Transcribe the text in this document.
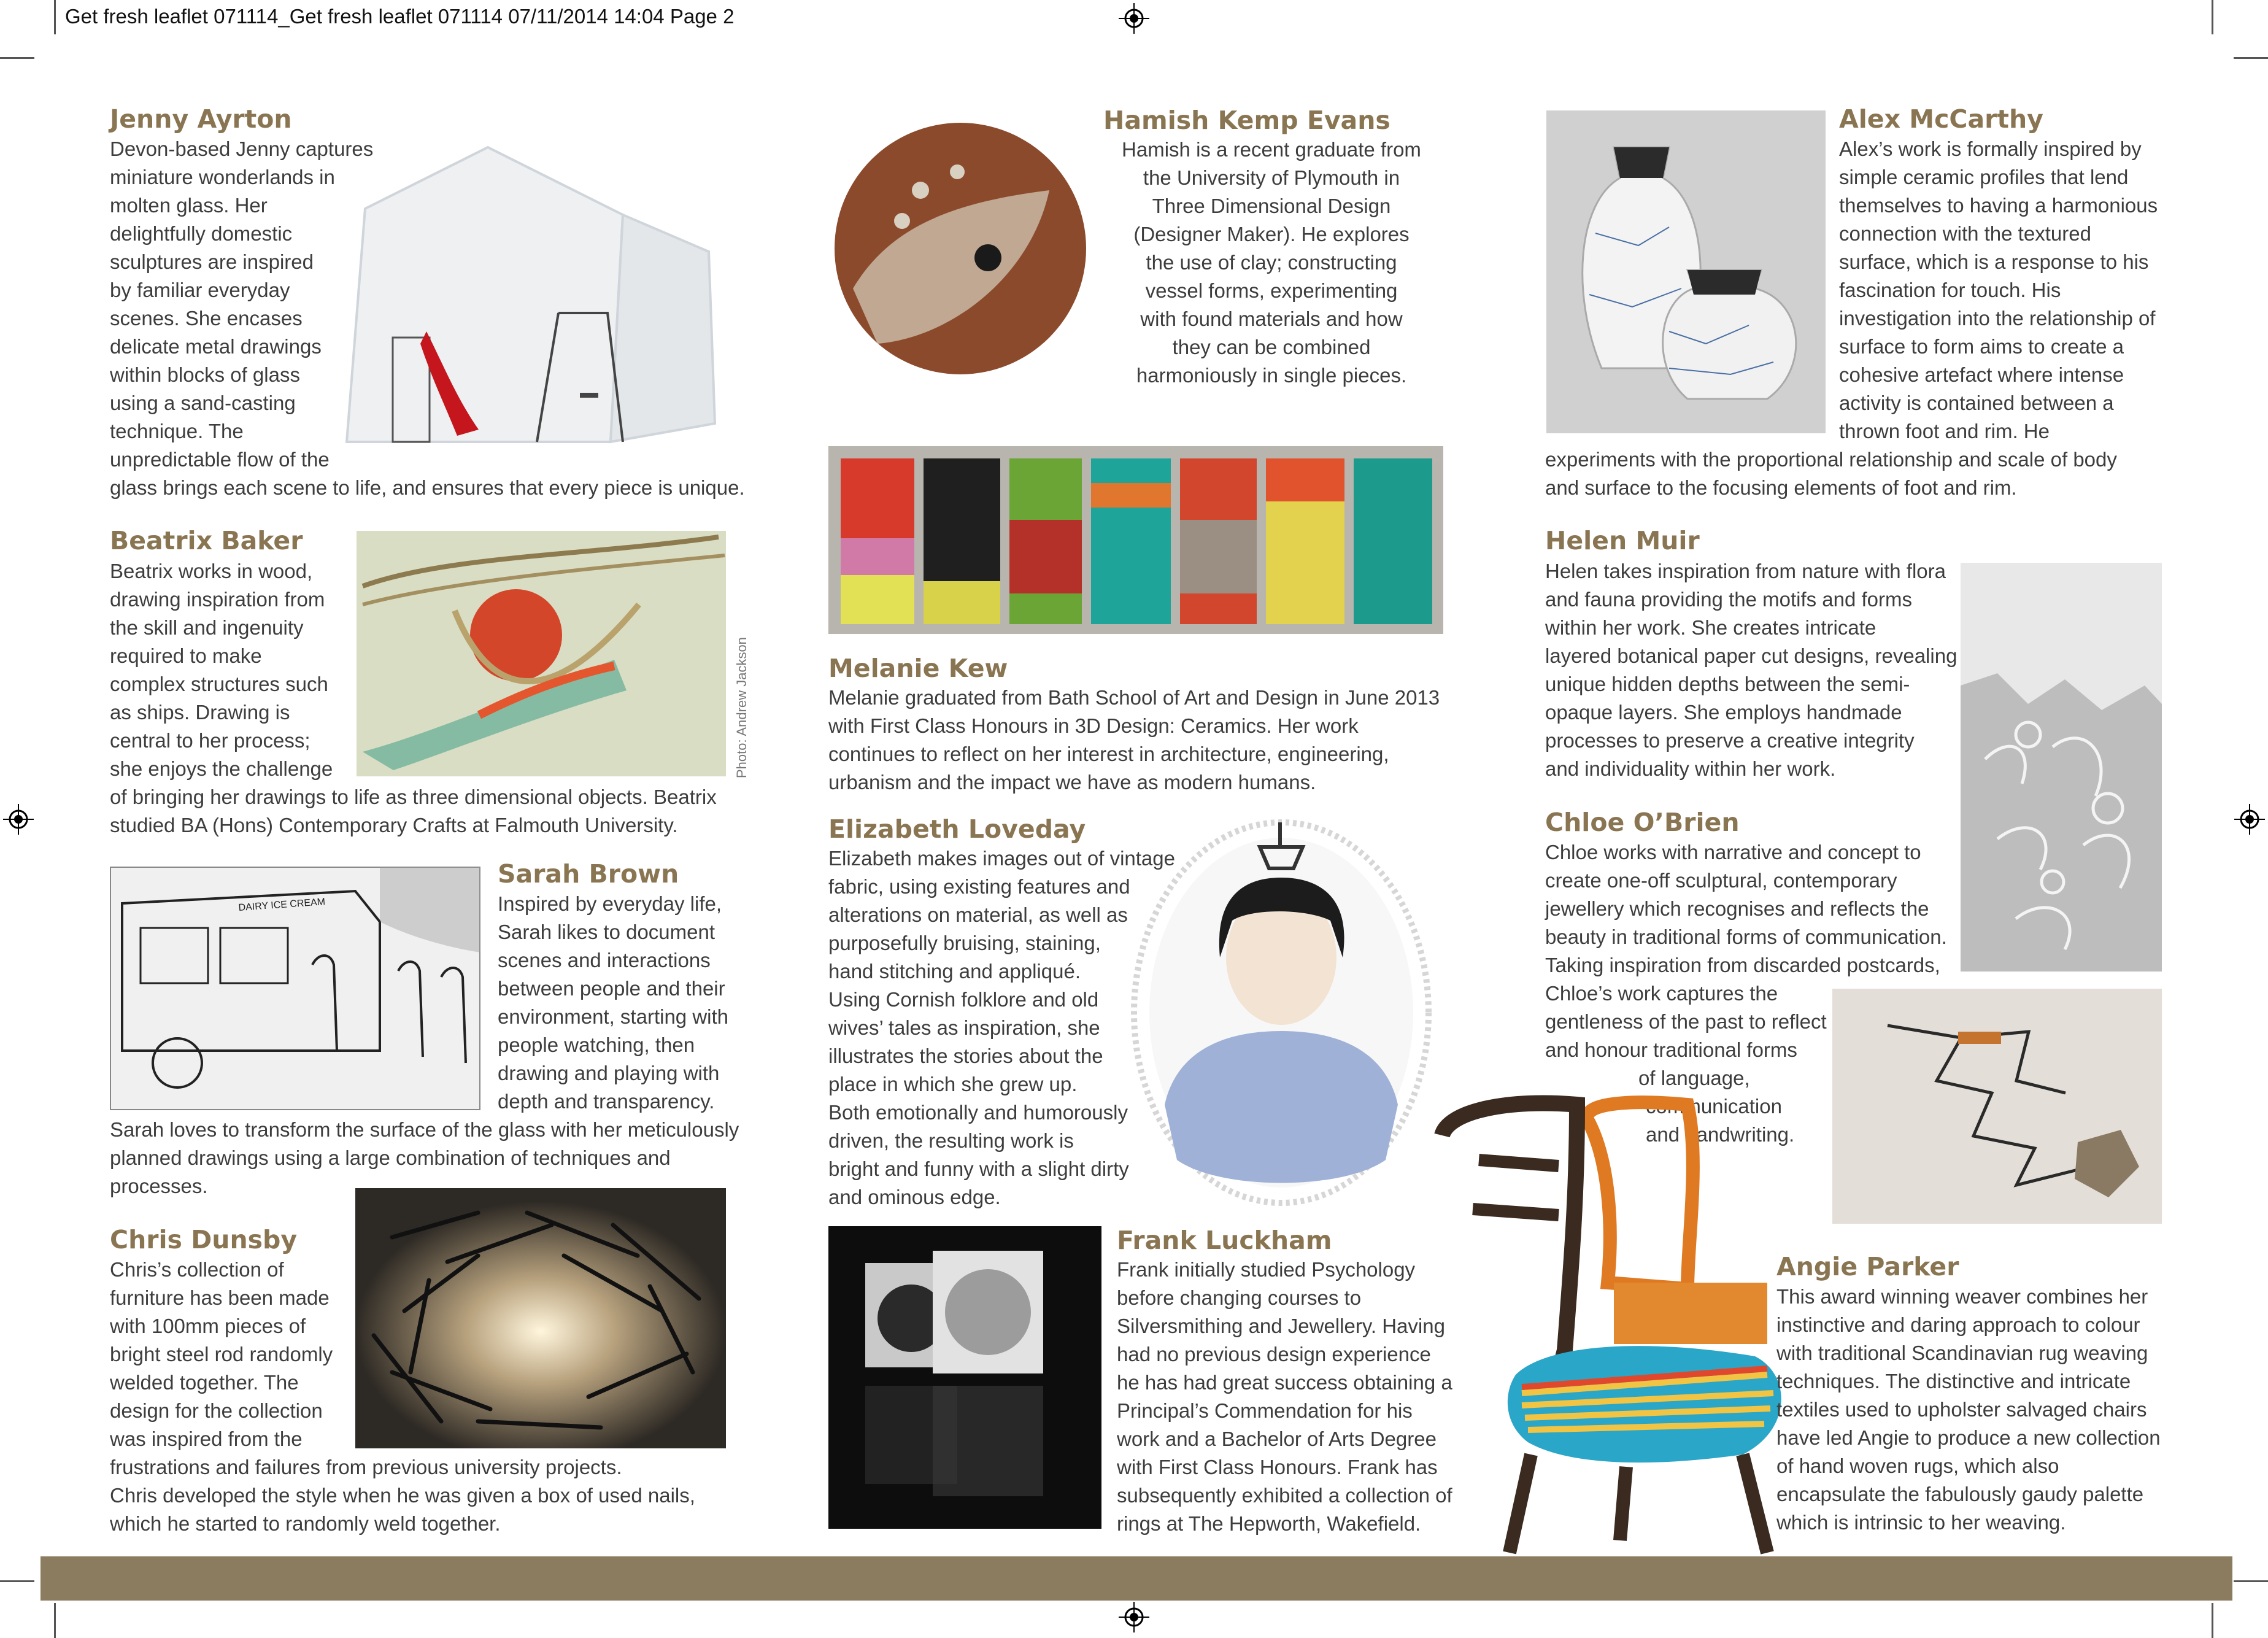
Get fresh leaflet 071114_Get fresh leaflet 071114 07/11/2014 14:04 Page 2
Jenny Ayrton
Devon-based Jenny captures
miniature wonderlands in
molten glass. Her
delightfully domestic
sculptures are inspired
by familiar everyday
scenes. She encases
delicate metal drawings
within blocks of glass
using a sand-casting
technique. The
unpredictable flow of the
glass brings each scene to life, and ensures that every piece is unique.
Beatrix Baker
Beatrix works in wood,
drawing inspiration from
the skill and ingenuity
required to make
complex structures such
as ships. Drawing is
central to her process;
she enjoys the challenge
of bringing her drawings to life as three dimensional objects. Beatrix
studied BA (Hons) Contemporary Crafts at Falmouth University.
Photo: Andrew Jackson
DAIRY ICE CREAM
Sarah Brown
Inspired by everyday life,
Sarah likes to document
scenes and interactions
between people and their
environment, starting with
people watching, then
drawing and playing with
depth and transparency.
Sarah loves to transform the surface of the glass with her meticulously
planned drawings using a large combination of techniques and
processes.
Chris Dunsby
Chris’s collection of
furniture has been made
with 100mm pieces of
bright steel rod randomly
welded together. The
design for the collection
was inspired from the
frustrations and failures from previous university projects.
Chris developed the style when he was given a box of used nails,
which he started to randomly weld together.
Hamish Kemp Evans
Hamish is a recent graduate from
the University of Plymouth in
Three Dimensional Design
(Designer Maker). He explores
the use of clay; constructing
vessel forms, experimenting
with found materials and how
they can be combined
harmoniously in single pieces.
Melanie Kew
Melanie graduated from Bath School of Art and Design in June 2013
with First Class Honours in 3D Design: Ceramics. Her work
continues to reflect on her interest in architecture, engineering,
urbanism and the impact we have as modern humans.
Elizabeth Loveday
Elizabeth makes images out of vintage
fabric, using existing features and
alterations on material, as well as
purposefully bruising, staining,
hand stitching and appliqué.
Using Cornish folklore and old
wives’ tales as inspiration, she
illustrates the stories about the
place in which she grew up.
Both emotionally and humorously
driven, the resulting work is
bright and funny with a slight dirty
and ominous edge.
Frank Luckham
Frank initially studied Psychology
before changing courses to
Silversmithing and Jewellery. Having
had no previous design experience
he has had great success obtaining a
Principal’s Commendation for his
work and a Bachelor of Arts Degree
with First Class Honours. Frank has
subsequently exhibited a collection of
rings at The Hepworth, Wakefield.
Alex McCarthy
Alex’s work is formally inspired by
simple ceramic profiles that lend
themselves to having a harmonious
connection with the textured
surface, which is a response to his
fascination for touch. His
investigation into the relationship of
surface to form aims to create a
cohesive artefact where intense
activity is contained between a
thrown foot and rim. He
experiments with the proportional relationship and scale of body
and surface to the focusing elements of foot and rim.
Helen Muir
Helen takes inspiration from nature with flora
and fauna providing the motifs and forms
within her work. She creates intricate
layered botanical paper cut designs, revealing
unique hidden depths between the semi-
opaque layers. She employs handmade
processes to preserve a creative integrity
and individuality within her work.
Chloe O’Brien
Chloe works with narrative and concept to
create one-off sculptural, contemporary
jewellery which recognises and reflects the
beauty in traditional forms of communication.
Taking inspiration from discarded postcards,
Chloe’s work captures the
gentleness of the past to reflect
and honour traditional forms
of language,
communication
and handwriting.
Angie Parker
This award winning weaver combines her
instinctive and daring approach to colour
with traditional Scandinavian rug weaving
techniques. The distinctive and intricate
textiles used to upholster salvaged chairs
have led Angie to produce a new collection
of hand woven rugs, which also
encapsulate the fabulously gaudy palette
which is intrinsic to her weaving.
